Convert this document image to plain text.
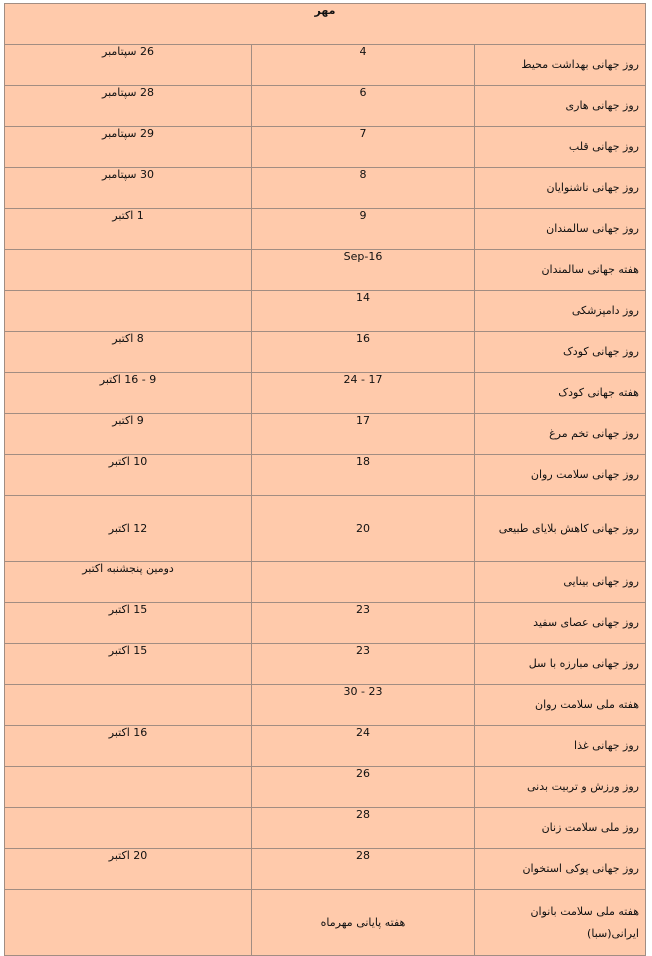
مهر		
روز جهانی بهداشت محیط	4	26 سپتامبر
روز جهانی هاری	6	28 سپتامبر
روز جهانی قلب	7	29 سپتامبر
روز جهانی ناشنوایان	8	30 سپتامبر
روز جهانی سالمندان	9	1 اکتبر
هفته جهانی سالمندان	16-Sep	
روز دامپزشکی	14	
روز جهانی کودک	16	8 اکتبر
هفته جهانی کودک	17 - 24	9 - 16 اکتبر
روز جهانی تخم مرغ	17	9 اکتبر
روز جهانی سلامت روان	18	10 اکتبر
روز جهانی کاهش بلایای طبیعی	20	12 اکتبر
روز جهانی بینایی		دومین پنجشنبه اکتبر
روز جهانی عصای سفید	23	15 اکتبر
روز جهانی مبارزه با سل	23	15 اکتبر
هفته ملی سلامت روان	23 - 30	
روز جهانی غذا	24	16 اکتبر
روز ورزش و تربیت بدنی	26	
روز ملی سلامت زنان	28	
روز جهانی پوکی استخوان	28	20 اکتبر
هفته ملی سلامت بانوان ایرانی(سبا)	هفته پایانی مهرماه	
